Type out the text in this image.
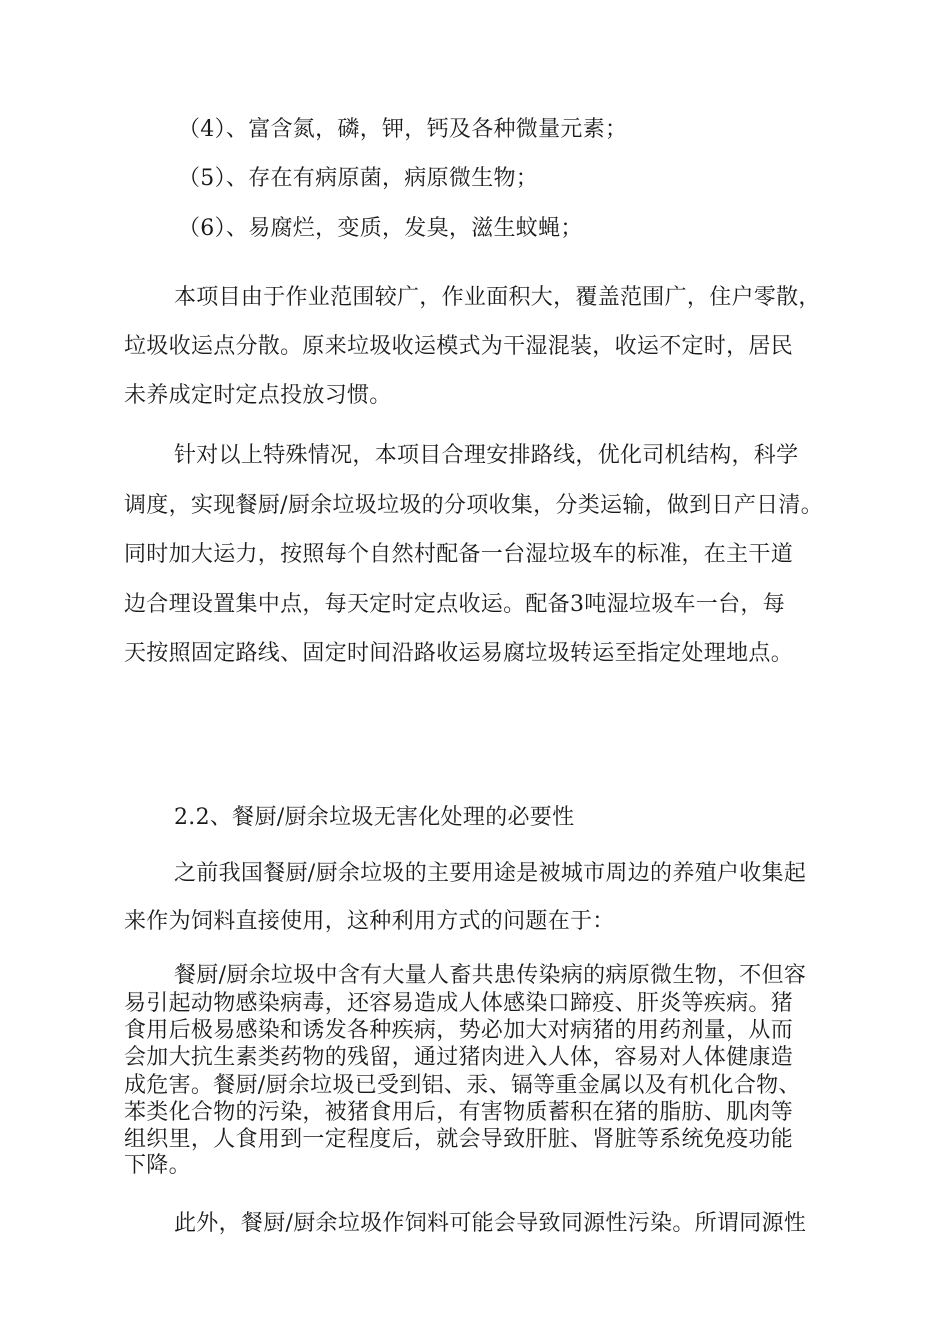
（4）、富含氮，磷，钾，钙及各种微量元素；
（5）、存在有病原菌，病原微生物；
（6）、易腐烂，变质，发臭，滋生蚊蝇；
本项目由于作业范围较广，作业面积大，覆盖范围广，住户零散，
垃圾收运点分散。原来垃圾收运模式为干湿混装，收运不定时，居民
未养成定时定点投放习惯。
针对以上特殊情况，本项目合理安排路线，优化司机结构，科学
调度，实现餐厨/厨余垃圾垃圾的分项收集，分类运输，做到日产日清。
同时加大运力，按照每个自然村配备一台湿垃圾车的标准，在主干道
边合理设置集中点，每天定时定点收运。配备3吨湿垃圾车一台，每
天按照固定路线、固定时间沿路收运易腐垃圾转运至指定处理地点。
2.2、餐厨/厨余垃圾无害化处理的必要性
之前我国餐厨/厨余垃圾的主要用途是被城市周边的养殖户收集起
来作为饲料直接使用，这种利用方式的问题在于：
餐厨/厨余垃圾中含有大量人畜共患传染病的病原微生物，不但容
易引起动物感染病毒，还容易造成人体感染口蹄疫、肝炎等疾病。猪
食用后极易感染和诱发各种疾病，势必加大对病猪的用药剂量，从而
会加大抗生素类药物的残留，通过猪肉进入人体，容易对人体健康造
成危害。餐厨/厨余垃圾已受到铝、汞、镉等重金属以及有机化合物、
苯类化合物的污染，被猪食用后，有害物质蓄积在猪的脂肪、肌肉等
组织里，人食用到一定程度后，就会导致肝脏、肾脏等系统免疫功能
下降。
此外，餐厨/厨余垃圾作饲料可能会导致同源性污染。所谓同源性
